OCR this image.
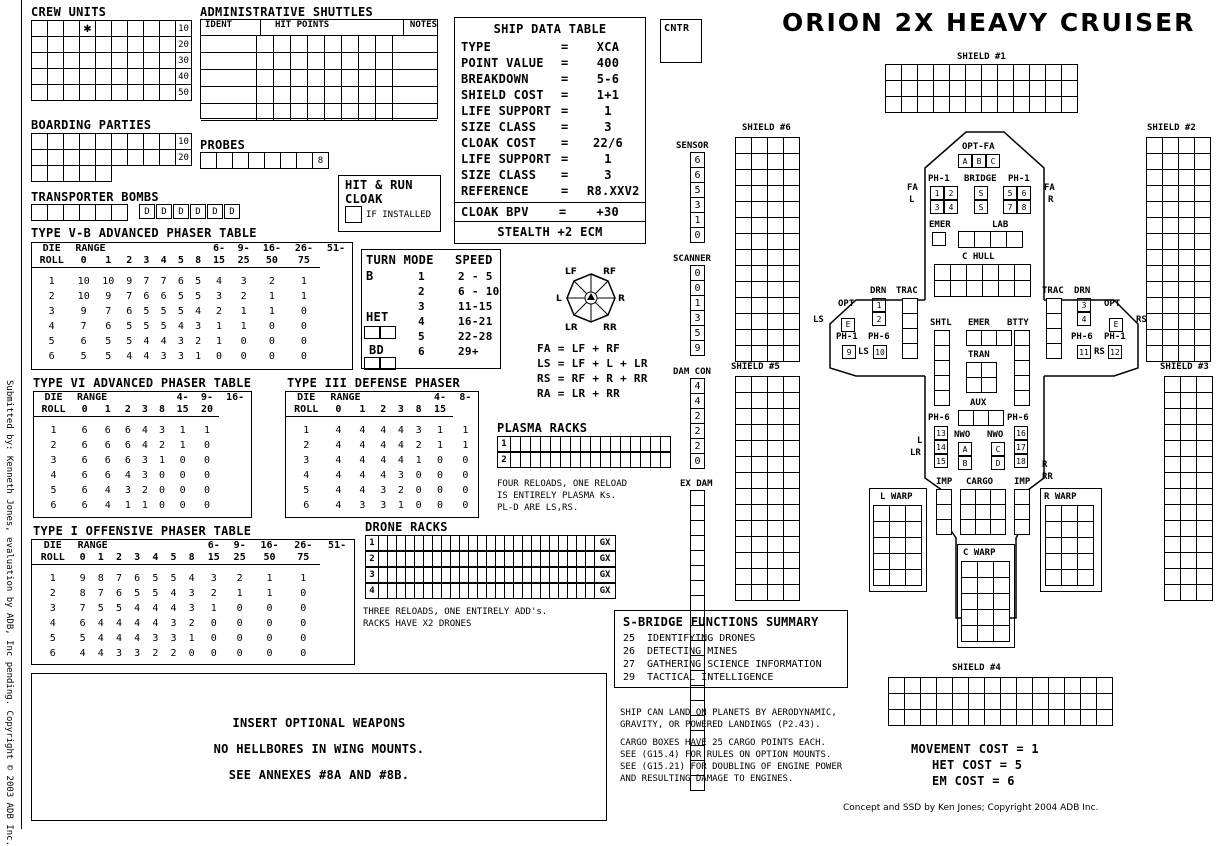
Submitted by: Kenneth Jones, evaluation by ADB, Inc pending. Copyright © 2003 ADB Inc.
CREW UNITS
✱	10
20
30
40
50
BOARDING PARTIES
10
20
ADMINISTRATIVE SHUTTLES
IDENT	HIT POINTS	NOTES
PROBES
8
TRANSPORTER BOMBS
D	D	D	D	D	D
HIT & RUN
CLOAK
IF INSTALLED
SHIP DATA TABLE
TYPE	=	XCA
POINT VALUE	=	400
BREAKDOWN	=	5-6
SHIELD COST	=	1+1
LIFE SUPPORT =	1
SIZE CLASS	=	3
CLOAK COST	=	22/6
LIFE SUPPORT =	1
SIZE CLASS	=	3
REFERENCE	=	R8.XXV2
CLOAK BPV	=	+30
STEALTH +2 ECM
CNTR
TYPE V-B ADVANCED PHASER TABLE
DIE	RANGE							6-	9-	16-	26-	51-
ROLL	0	1	2	3	4	5	8	15	25	50	75	

1	10	10	9	7	7	6	5	4	3	2	1	
2	10	9	7	6	6	5	5	3	2	1	1	
3	9	7	6	5	5	5	4	2	1	1	0	
4	7	6	5	5	5	4	3	1	1	0	0	
5	6	5	5	4	4	3	2	1	0	0	0	
6	5	5	4	4	3	3	1	0	0	0	0	
TURN MODE SPEED
1	2 - 5
2	6 - 10
3	11-15
4	16-21
5	22-28
6	29+
B
HET
BD
LF	RF
L	R
LR	RR
FA = LF + RF
LS = LF + L + LR
RS = RF + R + RR
RA = LR + RR
TYPE VI ADVANCED PHASER TABLE
DIE	RANGE					4-	9-	16-
ROLL	0	1	2	3	8	15	20	

1	6	6	6	4	3	1	1	
2	6	6	6	4	2	1	0	
3	6	6	6	3	1	0	0	
4	6	6	4	3	0	0	0	
5	6	4	3	2	0	0	0	
6	6	4	1	1	0	0	0	
TYPE III DEFENSE PHASER
DIE	RANGE					4-	8-
ROLL	0	1	2	3	8	15	

1	4	4	4	4	3	1	1
2	4	4	4	4	2	1	1
3	4	4	4	4	1	0	0
4	4	4	4	3	0	0	0
5	4	4	3	2	0	0	0
6	4	3	3	1	0	0	0
PLASMA RACKS
1
2
FOUR RELOADS, ONE RELOAD
IS ENTIRELY PLASMA Ks.
PL-D ARE LS,RS.
TYPE I OFFENSIVE PHASER TABLE
DIE	RANGE							6-	9-	16-	26-	51-
ROLL	0	1	2	3	4	5	8	15	25	50	75	

1	9	8	7	6	5	5	4	3	2	1	1	
2	8	7	6	5	5	4	3	2	1	1	0	
3	7	5	5	4	4	4	3	1	0	0	0	
4	6	4	4	4	4	3	2	0	0	0	0	
5	5	4	4	4	3	3	1	0	0	0	0	
6	4	4	3	3	2	2	0	0	0	0	0	
DRONE RACKS
1	GX
2	GX
3	GX
4	GX
THREE RELOADS, ONE ENTIRELY ADD's.
RACKS HAVE X2 DRONES
INSERT OPTIONAL WEAPONS
NO HELLBORES IN WING MOUNTS.
SEE ANNEXES #8A AND #8B.
S-BRIDGE FUNCTIONS SUMMARY
25 IDENTIFYING DRONES
26 DETECTING MINES
27 GATHERING SCIENCE INFORMATION
29 TACTICAL INTELLIGENCE
SHIP CAN LAND ON PLANETS BY AERODYNAMIC,
GRAVITY, OR POWERED LANDINGS (P2.43).
CARGO BOXES HAVE 25 CARGO POINTS EACH.
SEE (G15.4) FOR RULES ON OPTION MOUNTS.
SEE (G15.21) FOR DOUBLING OF ENGINE POWER
AND RESULTING DAMAGE TO ENGINES.
MOVEMENT COST = 1
HET COST = 5
EM COST = 6
Concept and SSD by Ken Jones; Copyright 2004 ADB Inc.
ORION 2X HEAVY CRUISER
SENSOR
6
6
5
3
1
0
SCANNER
0
0
1
3
5
9
DAM CON
4
4
2
2
2
0
EX DAM
SHIELD #1
SHIELD #2
SHIELD #6
SHIELD #5	SHIELD #3
SHIELD #4
OPT-FA
A	B	C
PH-1	PH-1
BRIDGE
FA
L
FA
R
1	2
3	4
5	6
7	8
S
S
EMER	LAB
C HULL
OPT
E
LS
OPT
E	RS
DRN
1
2
DRN
3
4
TRAC	TRAC
PH-1 PH-6
9	10
LS
PH-6 PH-1
11	12
RS
SHTL EMER BTTY
TRAN
AUX
PH-6	PH-6
13
14
15
16
17
18
L
LR
R
RR
NWO NWO
A
B
C
D
IMP CARGO IMP
L WARP	R WARP
C WARP
